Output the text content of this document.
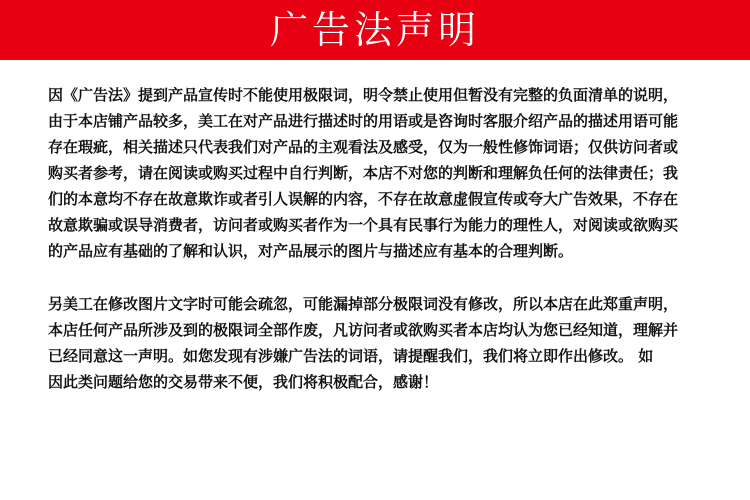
广告法声明
因《广告法》提到产品宣传时不能使用极限词，明令禁止使用但暂没有完整的负面清单的说明，
由于本店铺产品较多，美工在对产品进行描述时的用语或是咨询时客服介绍产品的描述用语可能
存在瑕疵，相关描述只代表我们对产品的主观看法及感受，仅为一般性修饰词语；仅供访问者或
购买者参考，请在阅读或购买过程中自行判断，本店不对您的判断和理解负任何的法律责任；我
们的本意均不存在故意欺诈或者引人误解的内容，不存在故意虚假宣传或夸大广告效果，不存在
故意欺骗或误导消费者，访问者或购买者作为一个具有民事行为能力的理性人，对阅读或欲购买
的产品应有基础的了解和认识，对产品展示的图片与描述应有基本的合理判断。
另美工在修改图片文字时可能会疏忽，可能漏掉部分极限词没有修改，所以本店在此郑重声明，
本店任何产品所涉及到的极限词全部作废，凡访问者或欲购买者本店均认为您已经知道，理解并
已经同意这一声明。如您发现有涉嫌广告法的词语，请提醒我们，我们将立即作出修改。 如
因此类问题给您的交易带来不便，我们将积极配合，感谢！
